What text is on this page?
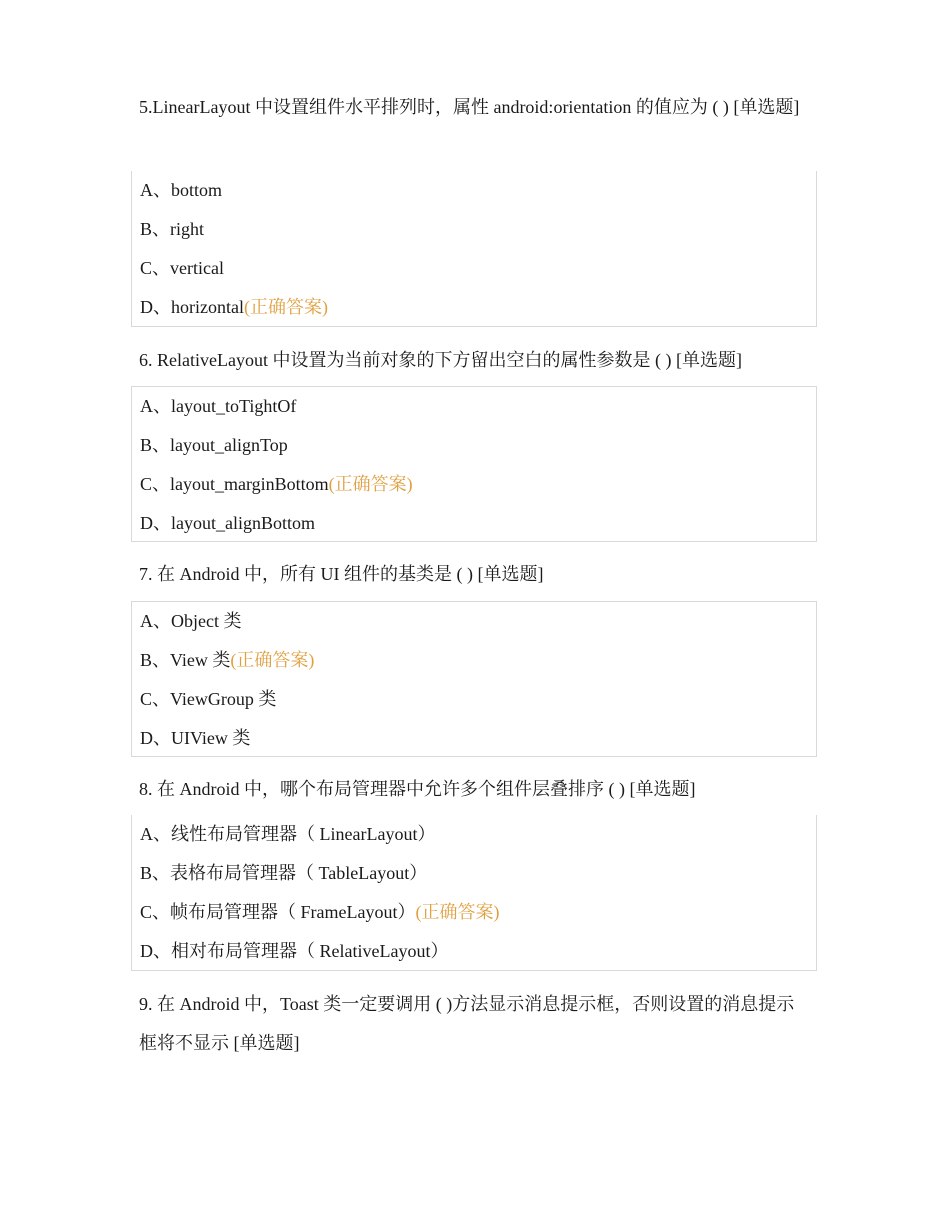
5.LinearLayout 中设置组件水平排列时，属性 android:orientation 的值应为 ( ) [单选题]
A、bottom
B、right
C、vertical
D、horizontal(正确答案)
6. RelativeLayout 中设置为当前对象的下方留出空白的属性参数是 ( ) [单选题]
A、layout_toTightOf
B、layout_alignTop
C、layout_marginBottom(正确答案)
D、layout_alignBottom
7. 在 Android 中，所有 UI 组件的基类是 ( ) [单选题]
A、Object 类
B、View 类(正确答案)
C、ViewGroup 类
D、UIView 类
8. 在 Android 中，哪个布局管理器中允许多个组件层叠排序 ( ) [单选题]
A、线性布局管理器（ LinearLayout）
B、表格布局管理器（ TableLayout）
C、帧布局管理器（ FrameLayout）(正确答案)
D、相对布局管理器（ RelativeLayout）
9. 在 Android 中，Toast 类一定要调用 ( )方法显示消息提示框，否则设置的消息提示框将不显示 [单选题]
